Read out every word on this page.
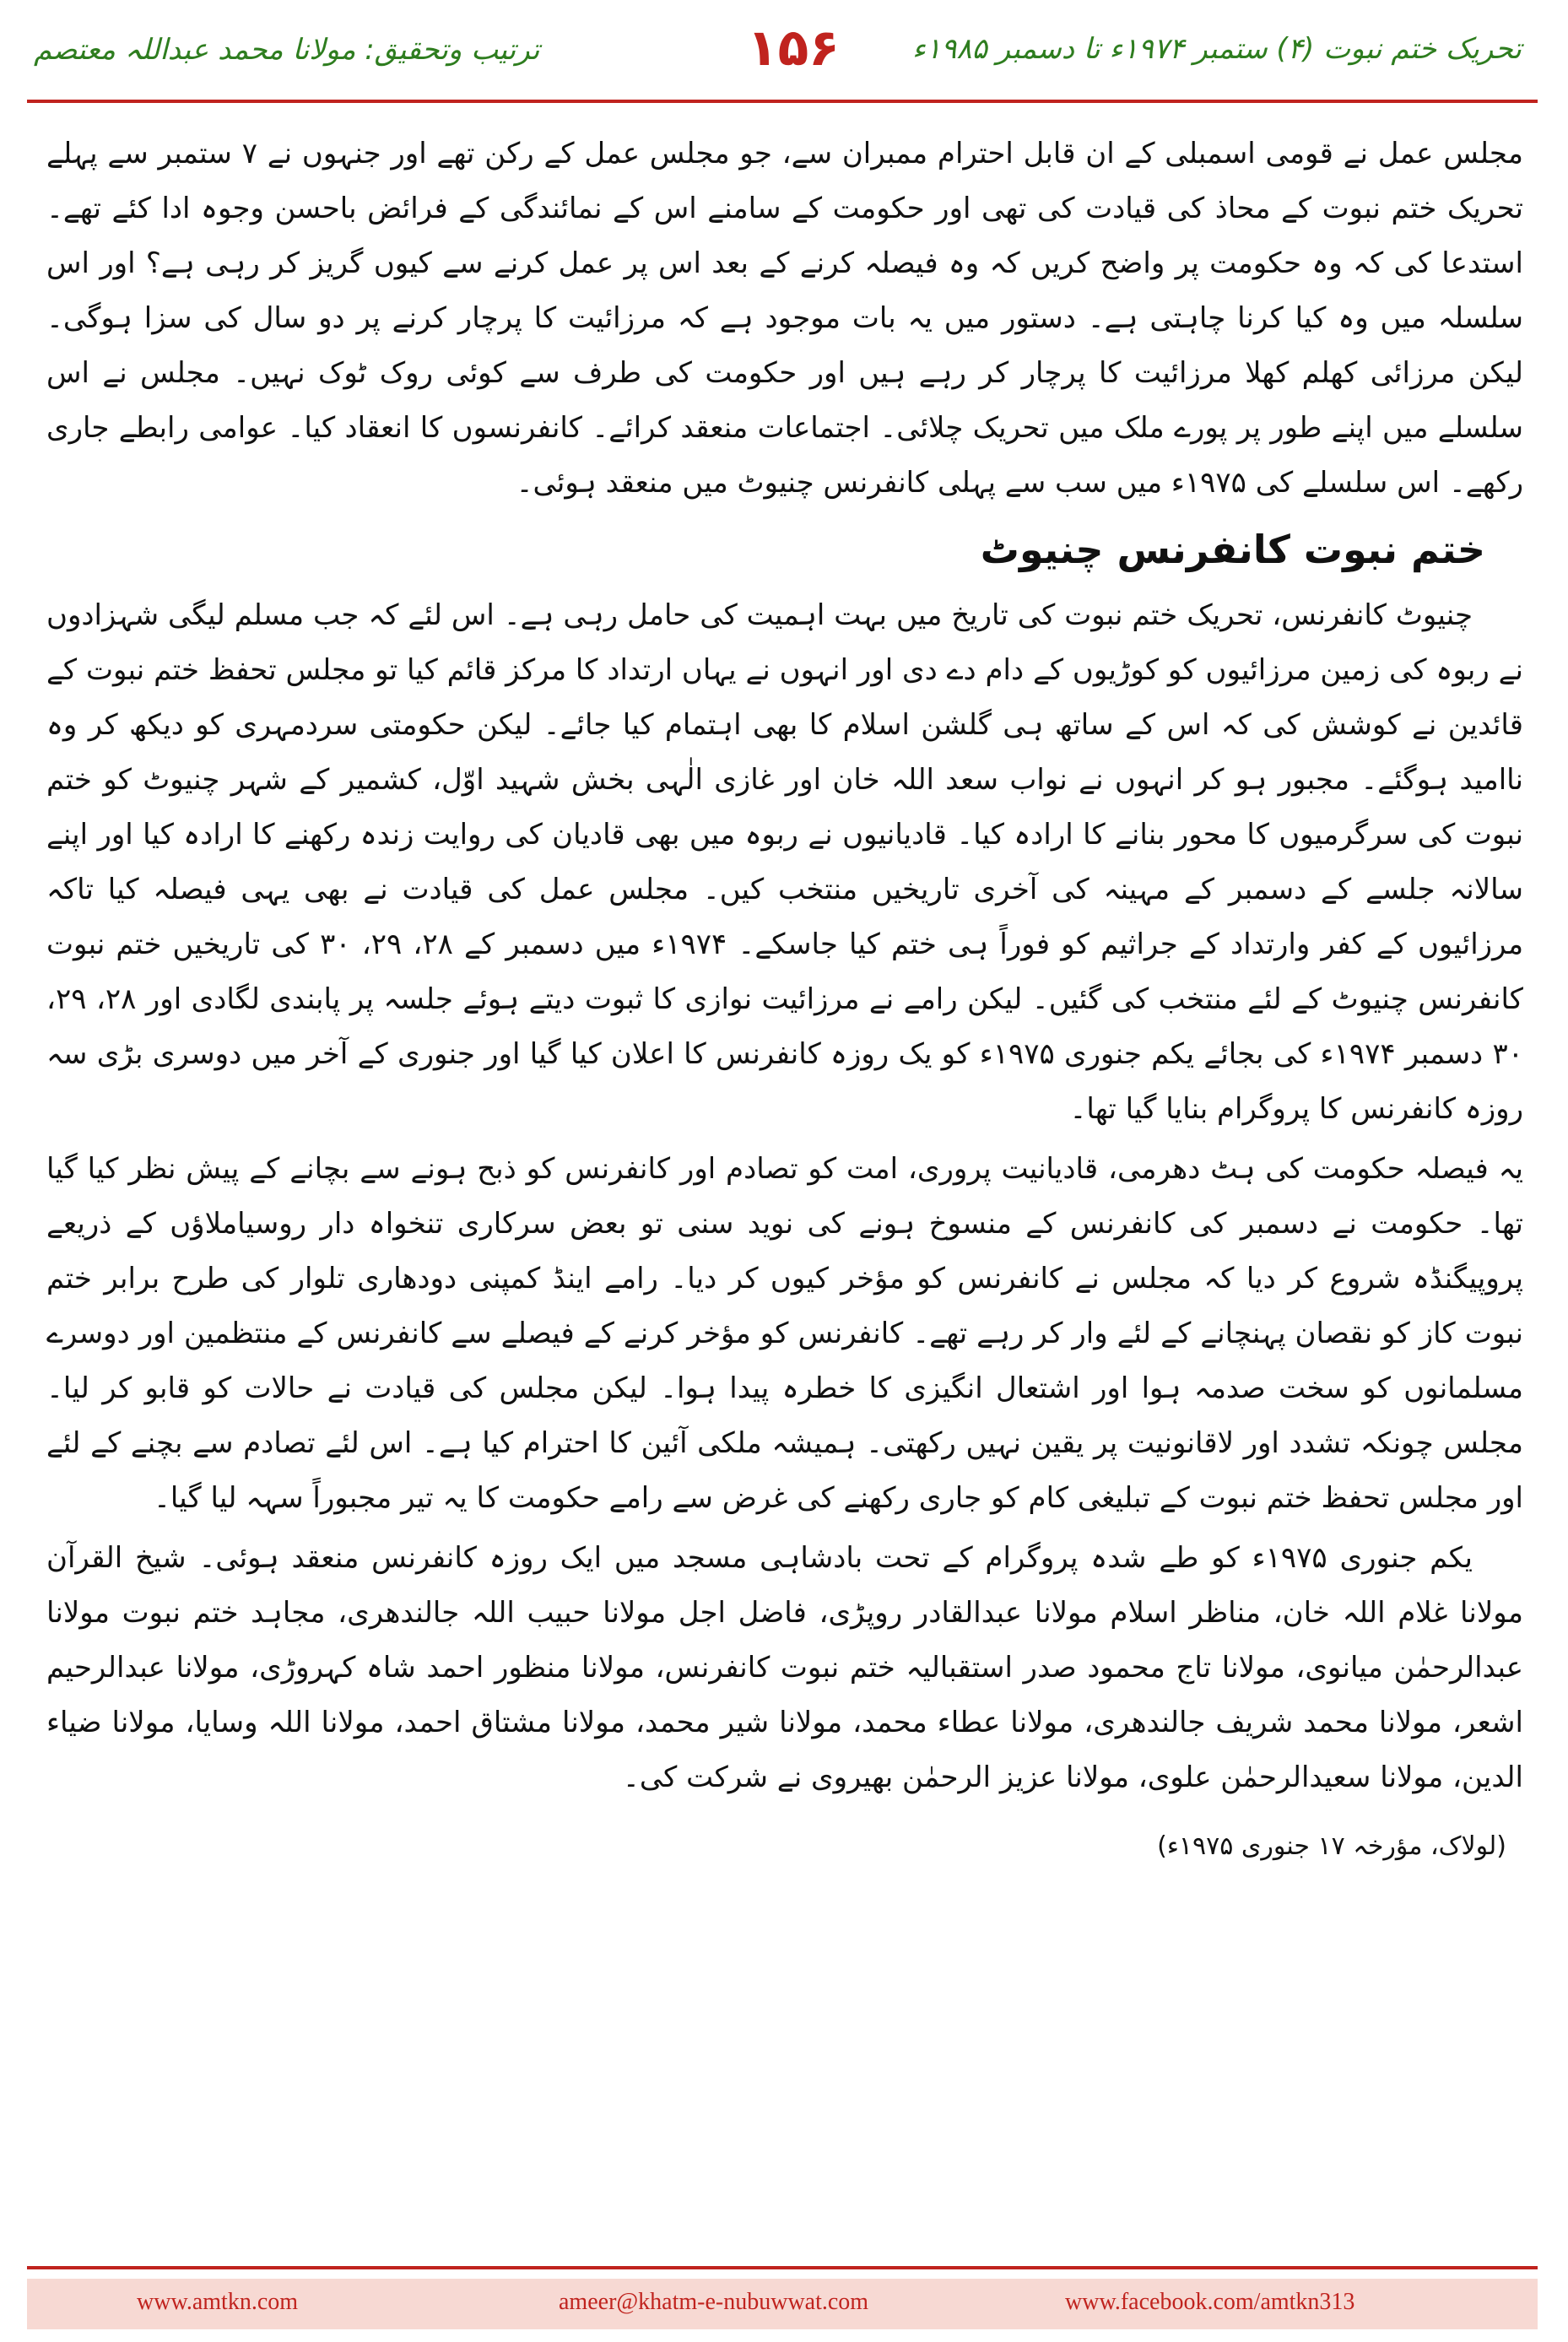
تحریک ختم نبوت (۴) ستمبر ۱۹۷۴ء تا دسمبر ۱۹۸۵ء
۱۵۶
ترتیب وتحقیق: مولانا محمد عبداللہ معتصم

مجلس عمل نے قومی اسمبلی کے ان قابل احترام ممبران سے، جو مجلس عمل کے رکن تھے اور جنہوں نے ۷ ستمبر سے پہلے تحریک ختم نبوت کے محاذ کی قیادت کی تھی اور حکومت کے سامنے اس کے نمائندگی کے فرائض باحسن وجوہ ادا کئے تھے۔ استدعا کی کہ وہ حکومت پر واضح کریں کہ وہ فیصلہ کرنے کے بعد اس پر عمل کرنے سے کیوں گریز کر رہی ہے؟ اور اس سلسلہ میں وہ کیا کرنا چاہتی ہے۔ دستور میں یہ بات موجود ہے کہ مرزائیت کا پرچار کرنے پر دو سال کی سزا ہوگی۔ لیکن مرزائی کھلم کھلا مرزائیت کا پرچار کر رہے ہیں اور حکومت کی طرف سے کوئی روک ٹوک نہیں۔ مجلس نے اس سلسلے میں اپنے طور پر پورے ملک میں تحریک چلائی۔ اجتماعات منعقد کرائے۔ کانفرنسوں کا انعقاد کیا۔ عوامی رابطے جاری رکھے۔ اس سلسلے کی ۱۹۷۵ء میں سب سے پہلی کانفرنس چنیوٹ میں منعقد ہوئی۔

ختم نبوت کانفرنس چنیوٹ

چنیوٹ کانفرنس، تحریک ختم نبوت کی تاریخ میں بہت اہمیت کی حامل رہی ہے۔ اس لئے کہ جب مسلم لیگی شہزادوں نے ربوہ کی زمین مرزائیوں کو کوڑیوں کے دام دے دی اور انہوں نے یہاں ارتداد کا مرکز قائم کیا تو مجلس تحفظ ختم نبوت کے قائدین نے کوشش کی کہ اس کے ساتھ ہی گلشن اسلام کا بھی اہتمام کیا جائے۔ لیکن حکومتی سردمہری کو دیکھ کر وہ ناامید ہوگئے۔ مجبور ہو کر انہوں نے نواب سعد اللہ خان اور غازی الٰہی بخش شہید اوّل، کشمیر کے شہر چنیوٹ کو ختم نبوت کی سرگرمیوں کا محور بنانے کا ارادہ کیا۔ قادیانیوں نے ربوہ میں بھی قادیان کی روایت زندہ رکھنے کا ارادہ کیا اور اپنے سالانہ جلسے کے دسمبر کے مہینہ کی آخری تاریخیں منتخب کیں۔ مجلس عمل کی قیادت نے بھی یہی فیصلہ کیا تاکہ مرزائیوں کے کفر وارتداد کے جراثیم کو فوراً ہی ختم کیا جاسکے۔ ۱۹۷۴ء میں دسمبر کے ۲۸، ۲۹، ۳۰ کی تاریخیں ختم نبوت کانفرنس چنیوٹ کے لئے منتخب کی گئیں۔ لیکن رامے نے مرزائیت نوازی کا ثبوت دیتے ہوئے جلسہ پر پابندی لگادی اور ۲۸، ۲۹، ۳۰ دسمبر ۱۹۷۴ء کی بجائے یکم جنوری ۱۹۷۵ء کو یک روزہ کانفرنس کا اعلان کیا گیا اور جنوری کے آخر میں دوسری بڑی سہ روزہ کانفرنس کا پروگرام بنایا گیا تھا۔

یہ فیصلہ حکومت کی ہٹ دھرمی، قادیانیت پروری، امت کو تصادم اور کانفرنس کو ذبح ہونے سے بچانے کے پیش نظر کیا گیا تھا۔ حکومت نے دسمبر کی کانفرنس کے منسوخ ہونے کی نوید سنی تو بعض سرکاری تنخواہ دار روسیاملاؤں کے ذریعے پروپیگنڈہ شروع کر دیا کہ مجلس نے کانفرنس کو مؤخر کیوں کر دیا۔ رامے اینڈ کمپنی دودھاری تلوار کی طرح برابر ختم نبوت کاز کو نقصان پہنچانے کے لئے وار کر رہے تھے۔ کانفرنس کو مؤخر کرنے کے فیصلے سے کانفرنس کے منتظمین اور دوسرے مسلمانوں کو سخت صدمہ ہوا اور اشتعال انگیزی کا خطرہ پیدا ہوا۔ لیکن مجلس کی قیادت نے حالات کو قابو کر لیا۔ مجلس چونکہ تشدد اور لاقانونیت پر یقین نہیں رکھتی۔ ہمیشہ ملکی آئین کا احترام کیا ہے۔ اس لئے تصادم سے بچنے کے لئے اور مجلس تحفظ ختم نبوت کے تبلیغی کام کو جاری رکھنے کی غرض سے رامے حکومت کا یہ تیر مجبوراً سہہ لیا گیا۔

یکم جنوری ۱۹۷۵ء کو طے شدہ پروگرام کے تحت بادشاہی مسجد میں ایک روزہ کانفرنس منعقد ہوئی۔ شیخ القرآن مولانا غلام اللہ خان، مناظر اسلام مولانا عبدالقادر روپڑی، فاضل اجل مولانا حبیب اللہ جالندھری، مجاہد ختم نبوت مولانا عبدالرحمٰن میانوی، مولانا تاج محمود صدر استقبالیہ ختم نبوت کانفرنس، مولانا منظور احمد شاہ کہروڑی، مولانا عبدالرحیم اشعر، مولانا محمد شریف جالندھری، مولانا عطاء محمد، مولانا شیر محمد، مولانا مشتاق احمد، مولانا اللہ وسایا، مولانا ضیاء الدین، مولانا سعیدالرحمٰن علوی، مولانا عزیز الرحمٰن بھیروی نے شرکت کی۔

(لولاک، مؤرخہ ۱۷ جنوری ۱۹۷۵ء)

www.amtkn.com	ameer@khatm-e-nubuwwat.com	www.facebook.com/amtkn313
